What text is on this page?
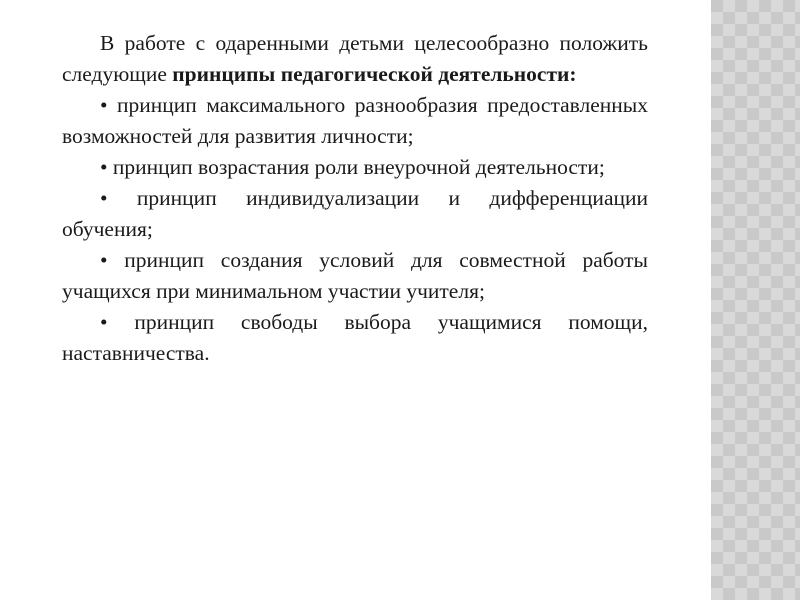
В работе с одаренными детьми целесообразно положить следующие принципы педагогической деятельности:

• принцип максимального разнообразия предоставленных возможностей для развития личности;

• принцип возрастания роли внеурочной деятельности;

• принцип индивидуализации и дифференциации обучения;

• принцип создания условий для совместной работы учащихся при минимальном участии учителя;

• принцип свободы выбора учащимися помощи, наставничества.
